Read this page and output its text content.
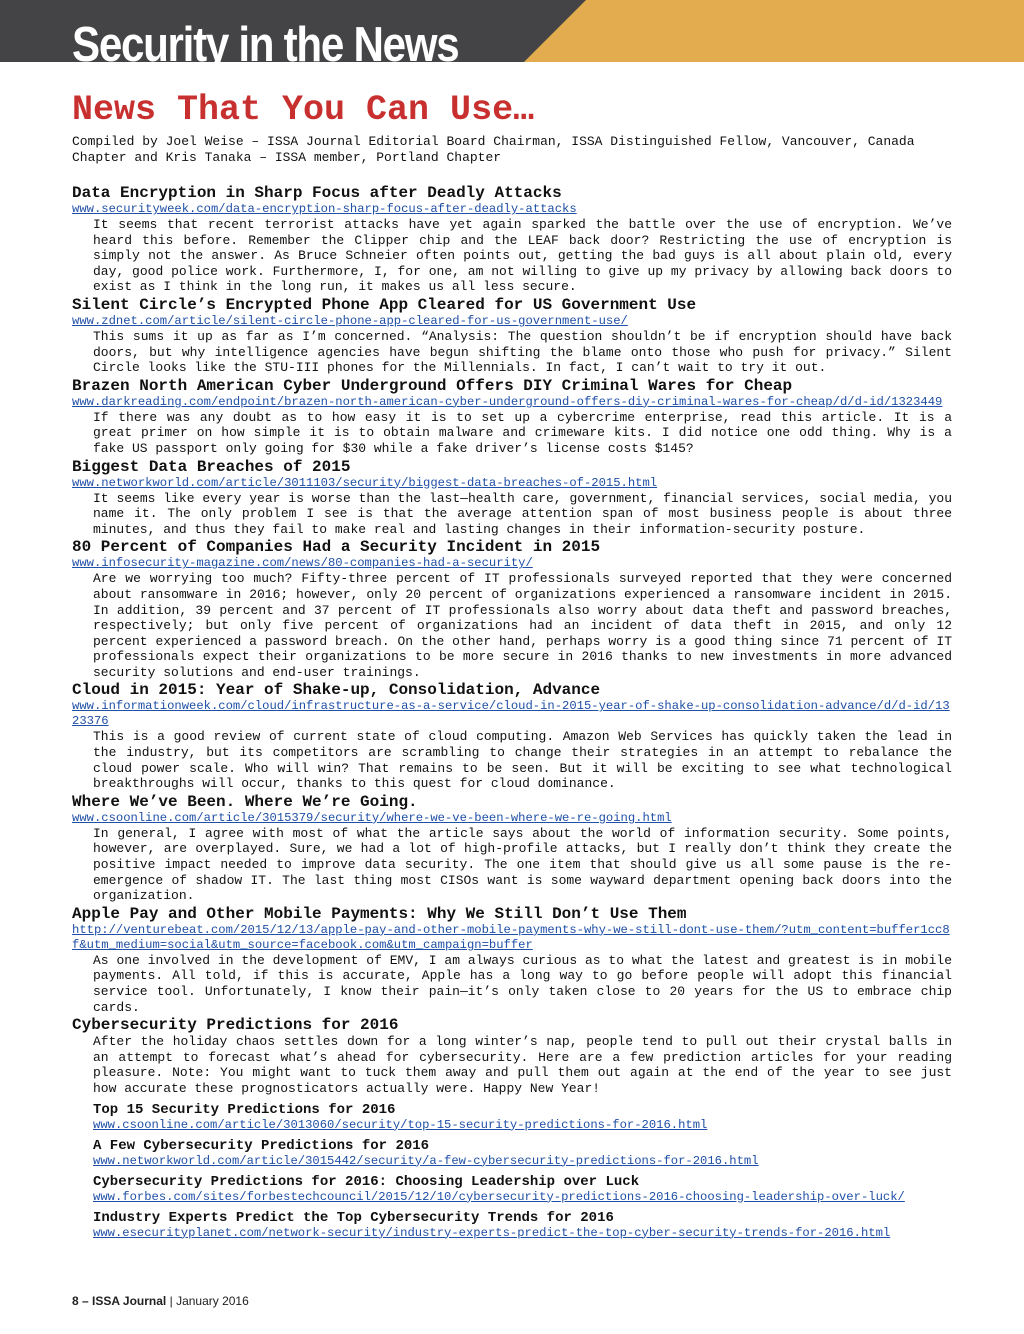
Security in the News
News That You Can Use…

Compiled by Joel Weise – ISSA Journal Editorial Board Chairman, ISSA Distinguished Fellow, Vancouver, Canada Chapter and Kris Tanaka – ISSA member, Portland Chapter

Data Encryption in Sharp Focus after Deadly Attacks

www.securityweek.com/data-encryption-sharp-focus-after-deadly-attacks

It seems that recent terrorist attacks have yet again sparked the battle over the use of encryption. We’ve heard this before. Remember the Clipper chip and the LEAF back door? Restricting the use of encryption is simply not the answer. As Bruce Schneier often points out, getting the bad guys is all about plain old, every day, good police work. Furthermore, I, for one, am not willing to give up my privacy by allowing back doors to exist as I think in the long run, it makes us all less secure.

Silent Circle’s Encrypted Phone App Cleared for US Government Use

www.zdnet.com/article/silent-circle-phone-app-cleared-for-us-government-use/

This sums it up as far as I’m concerned. “Analysis: The question shouldn’t be if encryption should have back doors, but why intelligence agencies have begun shifting the blame onto those who push for privacy.” Silent Circle looks like the STU-III phones for the Millennials. In fact, I can’t wait to try it out.

Brazen North American Cyber Underground Offers DIY Criminal Wares for Cheap

www.darkreading.com/endpoint/brazen-north-american-cyber-underground-offers-diy-criminal-wares-for-cheap/d/d-id/1323449

If there was any doubt as to how easy it is to set up a cybercrime enterprise, read this article. It is a great primer on how simple it is to obtain malware and crimeware kits. I did notice one odd thing. Why is a fake US passport only going for $30 while a fake driver’s license costs $145?

Biggest Data Breaches of 2015

www.networkworld.com/article/3011103/security/biggest-data-breaches-of-2015.html

It seems like every year is worse than the last—health care, government, financial services, social media, you name it. The only problem I see is that the average attention span of most business people is about three minutes, and thus they fail to make real and lasting changes in their information-security posture.

80 Percent of Companies Had a Security Incident in 2015

www.infosecurity-magazine.com/news/80-companies-had-a-security/

Are we worrying too much? Fifty-three percent of IT professionals surveyed reported that they were concerned about ransomware in 2016; however, only 20 percent of organizations experienced a ransomware incident in 2015. In addition, 39 percent and 37 percent of IT professionals also worry about data theft and password breaches, respectively; but only five percent of organizations had an incident of data theft in 2015, and only 12 percent experienced a password breach. On the other hand, perhaps worry is a good thing since 71 percent of IT professionals expect their organizations to be more secure in 2016 thanks to new investments in more advanced security solutions and end-user trainings.

Cloud in 2015: Year of Shake-up, Consolidation, Advance

www.informationweek.com/cloud/infrastructure-as-a-service/cloud-in-2015-year-of-shake-up-consolidation-advance/d/d-id/1323376

This is a good review of current state of cloud computing. Amazon Web Services has quickly taken the lead in the industry, but its competitors are scrambling to change their strategies in an attempt to rebalance the cloud power scale. Who will win? That remains to be seen. But it will be exciting to see what technological breakthroughs will occur, thanks to this quest for cloud dominance.

Where We’ve Been. Where We’re Going.

www.csoonline.com/article/3015379/security/where-we-ve-been-where-we-re-going.html

In general, I agree with most of what the article says about the world of information security. Some points, however, are overplayed. Sure, we had a lot of high-profile attacks, but I really don’t think they create the positive impact needed to improve data security. The one item that should give us all some pause is the re-emergence of shadow IT. The last thing most CISOs want is some wayward department opening back doors into the organization.

Apple Pay and Other Mobile Payments: Why We Still Don’t Use Them

http://venturebeat.com/2015/12/13/apple-pay-and-other-mobile-payments-why-we-still-dont-use-them/?utm_content=buffer1cc8f&utm_medium=social&utm_source=facebook.com&utm_campaign=buffer

As one involved in the development of EMV, I am always curious as to what the latest and greatest is in mobile payments. All told, if this is accurate, Apple has a long way to go before people will adopt this financial service tool. Unfortunately, I know their pain—it’s only taken close to 20 years for the US to embrace chip cards.

Cybersecurity Predictions for 2016

After the holiday chaos settles down for a long winter’s nap, people tend to pull out their crystal balls in an attempt to forecast what’s ahead for cybersecurity. Here are a few prediction articles for your reading pleasure. Note: You might want to tuck them away and pull them out again at the end of the year to see just how accurate these prognosticators actually were. Happy New Year!

Top 15 Security Predictions for 2016

www.csoonline.com/article/3013060/security/top-15-security-predictions-for-2016.html

A Few Cybersecurity Predictions for 2016

www.networkworld.com/article/3015442/security/a-few-cybersecurity-predictions-for-2016.html

Cybersecurity Predictions for 2016: Choosing Leadership over Luck

www.forbes.com/sites/forbestechcouncil/2015/12/10/cybersecurity-predictions-2016-choosing-leadership-over-luck/

Industry Experts Predict the Top Cybersecurity Trends for 2016

www.esecurityplanet.com/network-security/industry-experts-predict-the-top-cyber-security-trends-for-2016.html
8 – ISSA Journal | January 2016
